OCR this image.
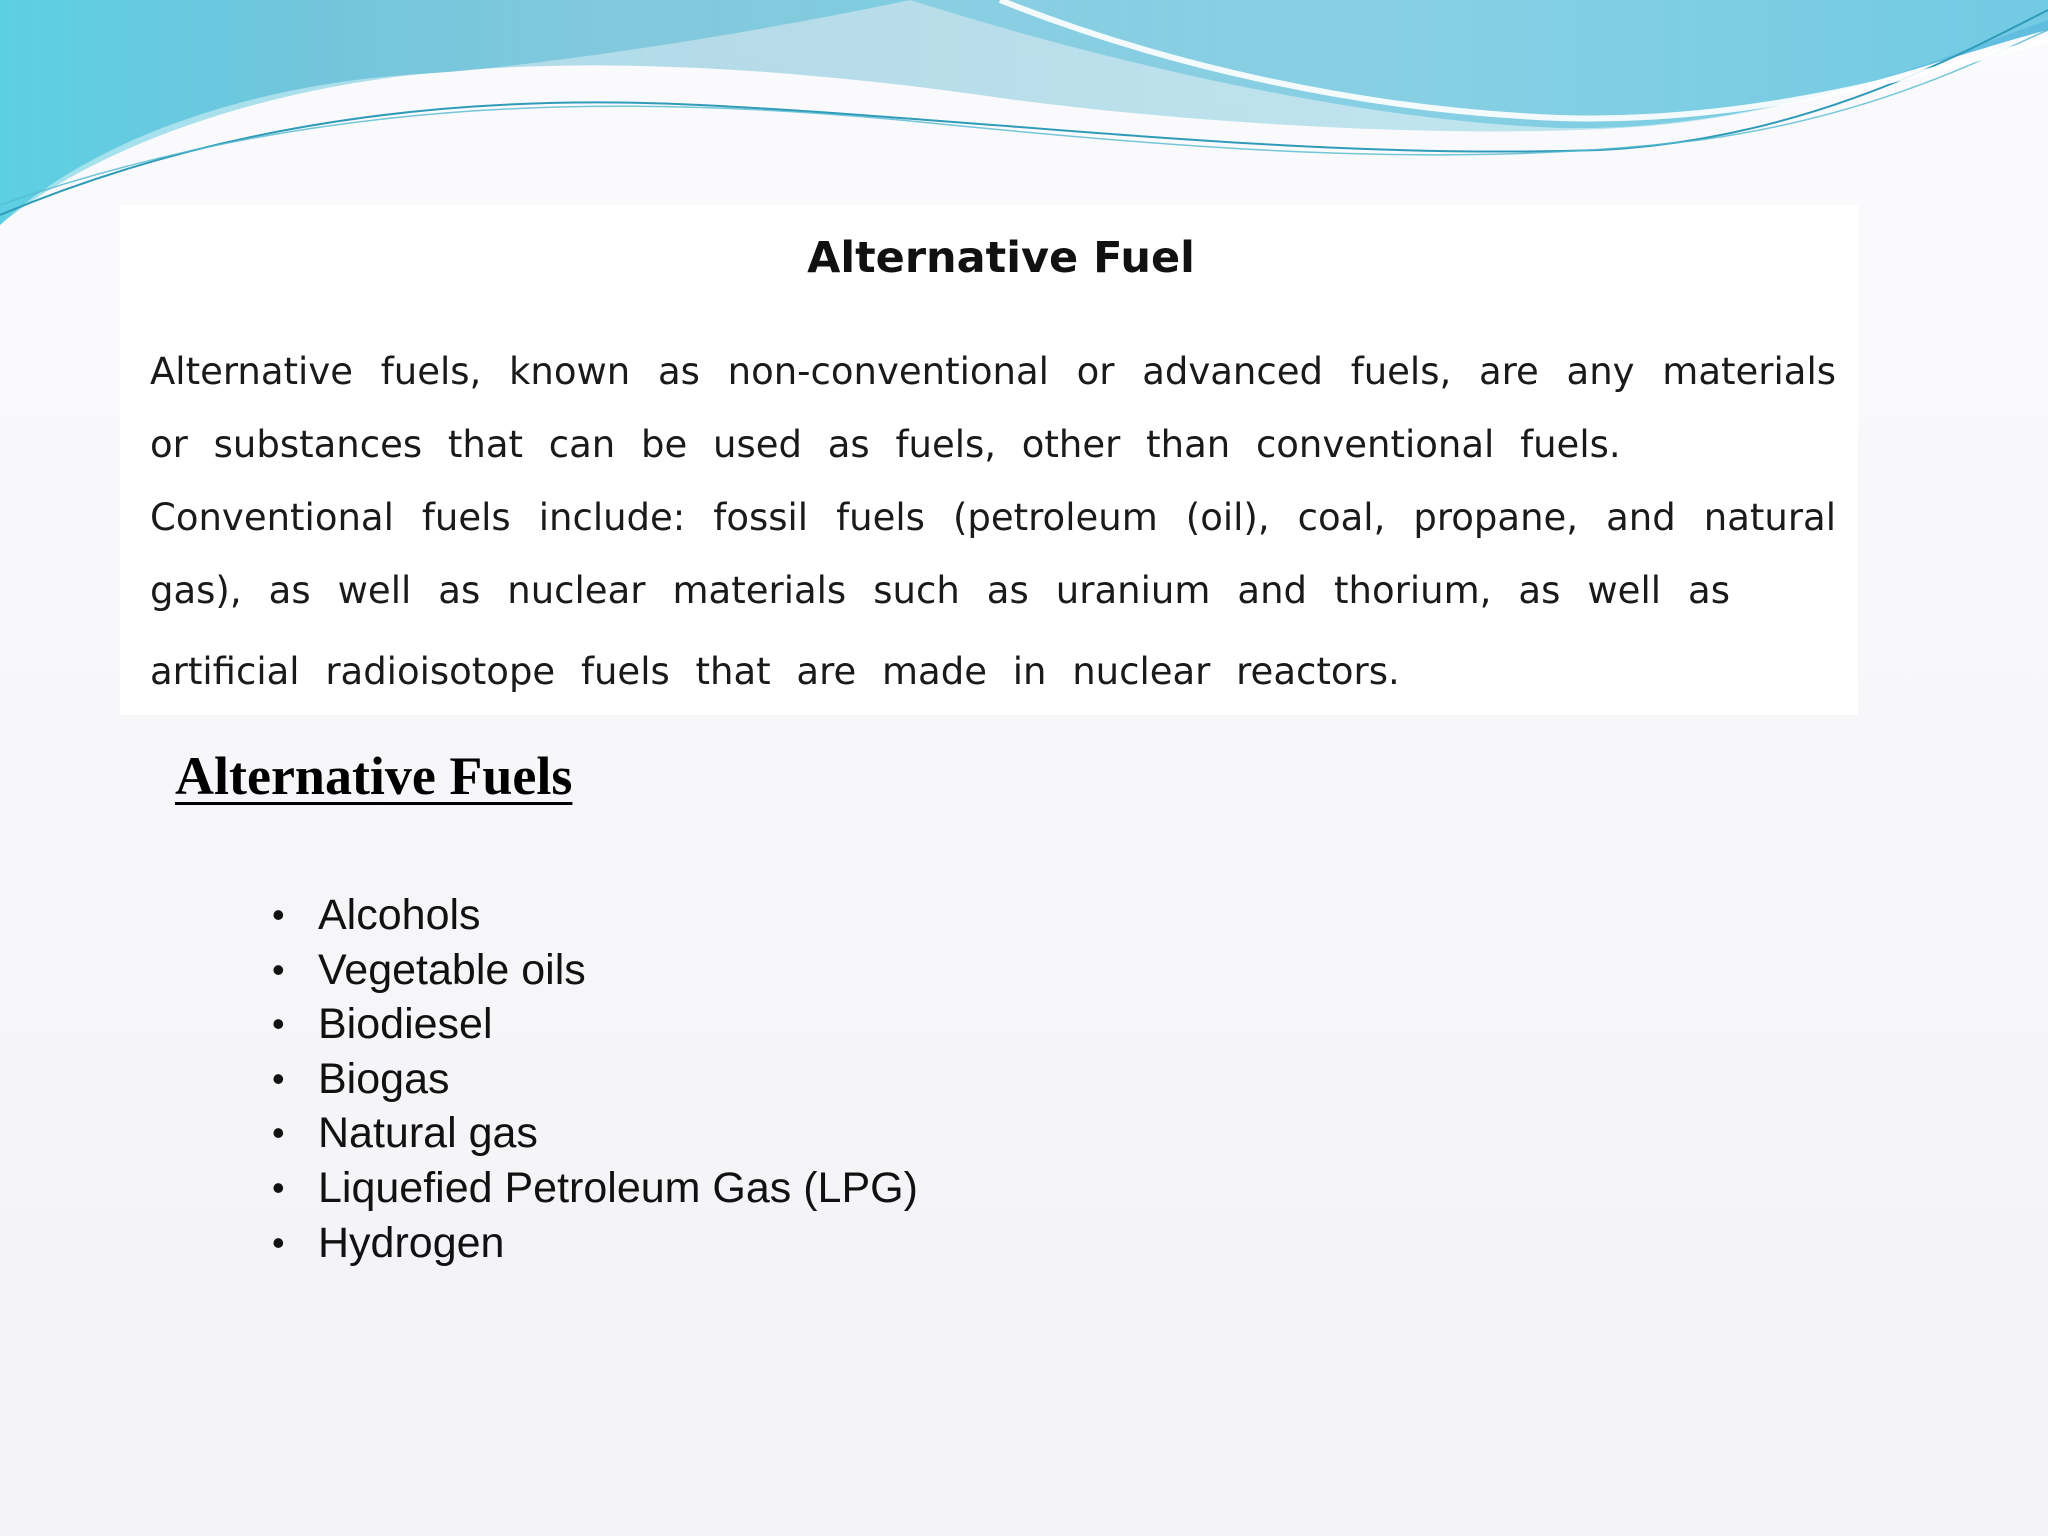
Alternative Fuel

Alternative fuels, known as non-conventional or advanced fuels, are any materials

or substances that can be used as fuels, other than conventional fuels.

Conventional fuels include: fossil fuels (petroleum (oil), coal, propane, and natural

gas), as well as nuclear materials such as uranium and thorium, as well as

artificial radioisotope fuels that are made in nuclear reactors.

Alternative Fuels
• Alcohols
• Vegetable oils
• Biodiesel
• Biogas
• Natural gas
• Liquefied Petroleum Gas (LPG)
• Hydrogen
